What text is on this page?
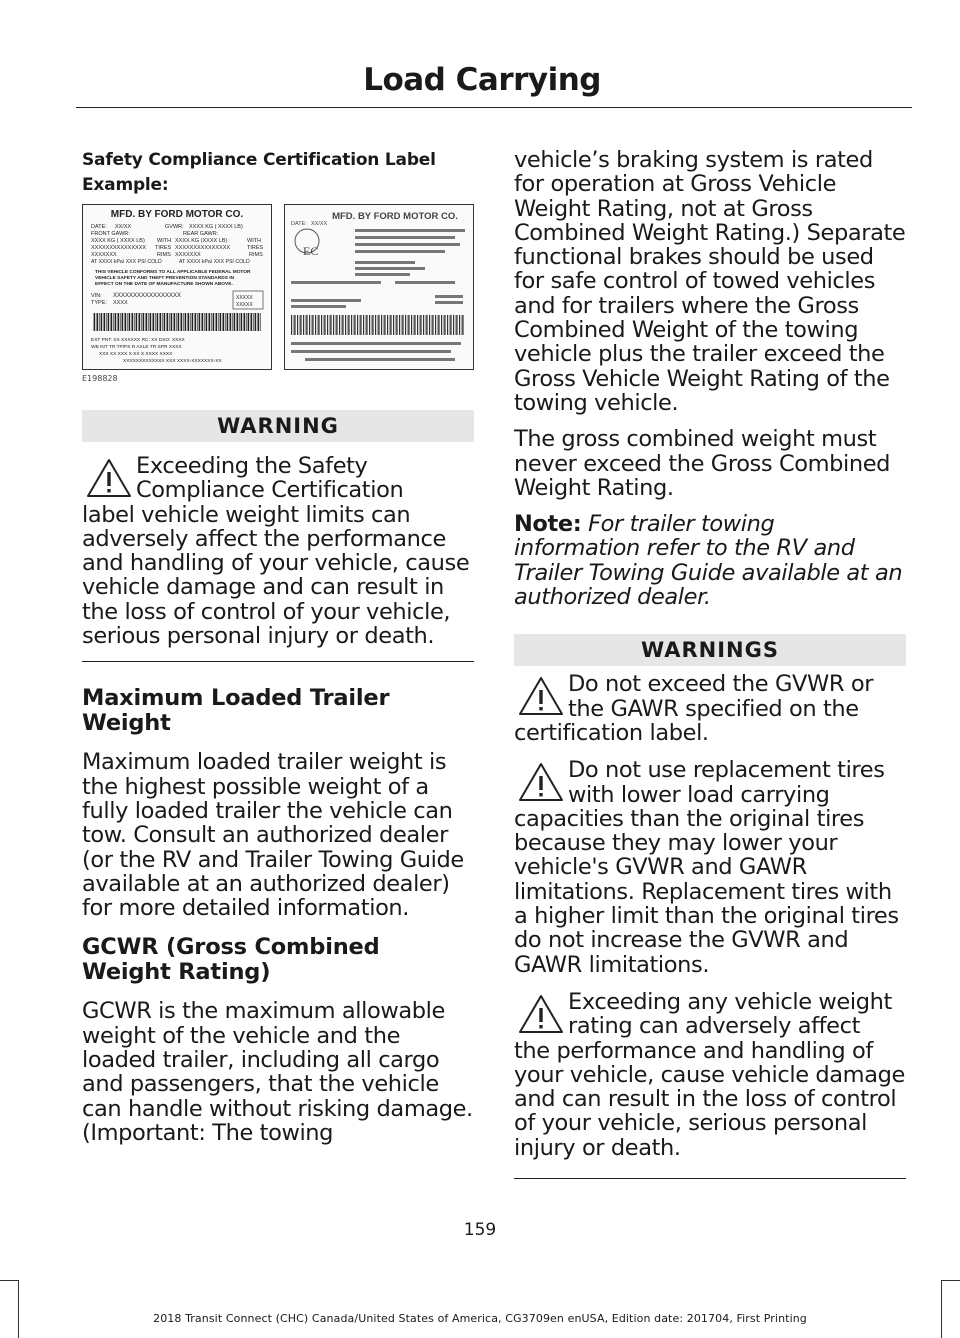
Load Carrying

Safety Compliance Certification Label

Example:

MFD. BY FORD MOTOR CO.
DATE: XX/XX	GVWR: XXXX KG ( XXXX LB)
FRONT GAWR:	REAR GAWR:
XXXX KG ( XXXX LB) WITH XXXX KG (XXXX LB)	WITH
XXXXXXXXXXXXXXX TIRES XXXXXXXXXXXXXXX	TIRES
XXXXXXX	RIMS XXXXXXX	RIMS
AT XXXX kPa/ XXX PSI COLD	AT XXXX kPa/ XXX PSI COLD
THIS VEHICLE CONFORMS TO ALL APPLICABLE FEDERAL MOTOR
VEHICLE SAFETY AND THEFT PREVENTION STANDARDS IN
EFFECT ON THE DATE OF MANUFACTURE SHOWN ABOVE.
VIN: XXXXXXXXXXXXXXXXX
TYPE: XXXX
XXXXX
XXXXX
EXT PNT: XX XXXXXX RC: XX DSO: XXXX
WB INT TR TP/PS R AXLE TR SPR XXXX
XXX XX XXX X XX X XXXX XXXX
XXXXXXXXXXXXX XXX XXXX-XXXXXXX-XX
MFD. BY FORD MOTOR CO.
DATE: XX/XX
EC
E198828
WARNING

Exceeding the Safety
Compliance Certification
label vehicle weight limits can adversely affect the performance and handling of your vehicle, cause vehicle damage and can result in the loss of control of your vehicle, serious personal injury or death.

Maximum Loaded Trailer Weight

Maximum loaded trailer weight is the highest possible weight of a fully loaded trailer the vehicle can tow. Consult an authorized dealer (or the RV and Trailer Towing Guide available at an authorized dealer) for more detailed information.

GCWR (Gross Combined Weight Rating)

GCWR is the maximum allowable weight of the vehicle and the loaded trailer, including all cargo and passengers, that the vehicle can handle without risking damage. (Important: The towing

vehicle’s braking system is rated for operation at Gross Vehicle Weight Rating, not at Gross Combined Weight Rating.) Separate functional brakes should be used for safe control of towed vehicles and for trailers where the Gross Combined Weight of the towing vehicle plus the trailer exceed the Gross Vehicle Weight Rating of the towing vehicle.

The gross combined weight must never exceed the Gross Combined Weight Rating.

Note: For trailer towing information refer to the RV and Trailer Towing Guide available at an authorized dealer.

WARNINGS

Do not exceed the GVWR or
the GAWR specified on the
certification label.

Do not use replacement tires
with lower load carrying
capacities than the original tires because they may lower your vehicle's GVWR and GAWR limitations. Replacement tires with a higher limit than the original tires do not increase the GVWR and GAWR limitations.

Exceeding any vehicle weight
rating can adversely affect
the performance and handling of your vehicle, cause vehicle damage and can result in the loss of control of your vehicle, serious personal injury or death.

159
2018 Transit Connect (CHC) Canada/United States of America, CG3709en enUSA, Edition date: 201704, First Printing
